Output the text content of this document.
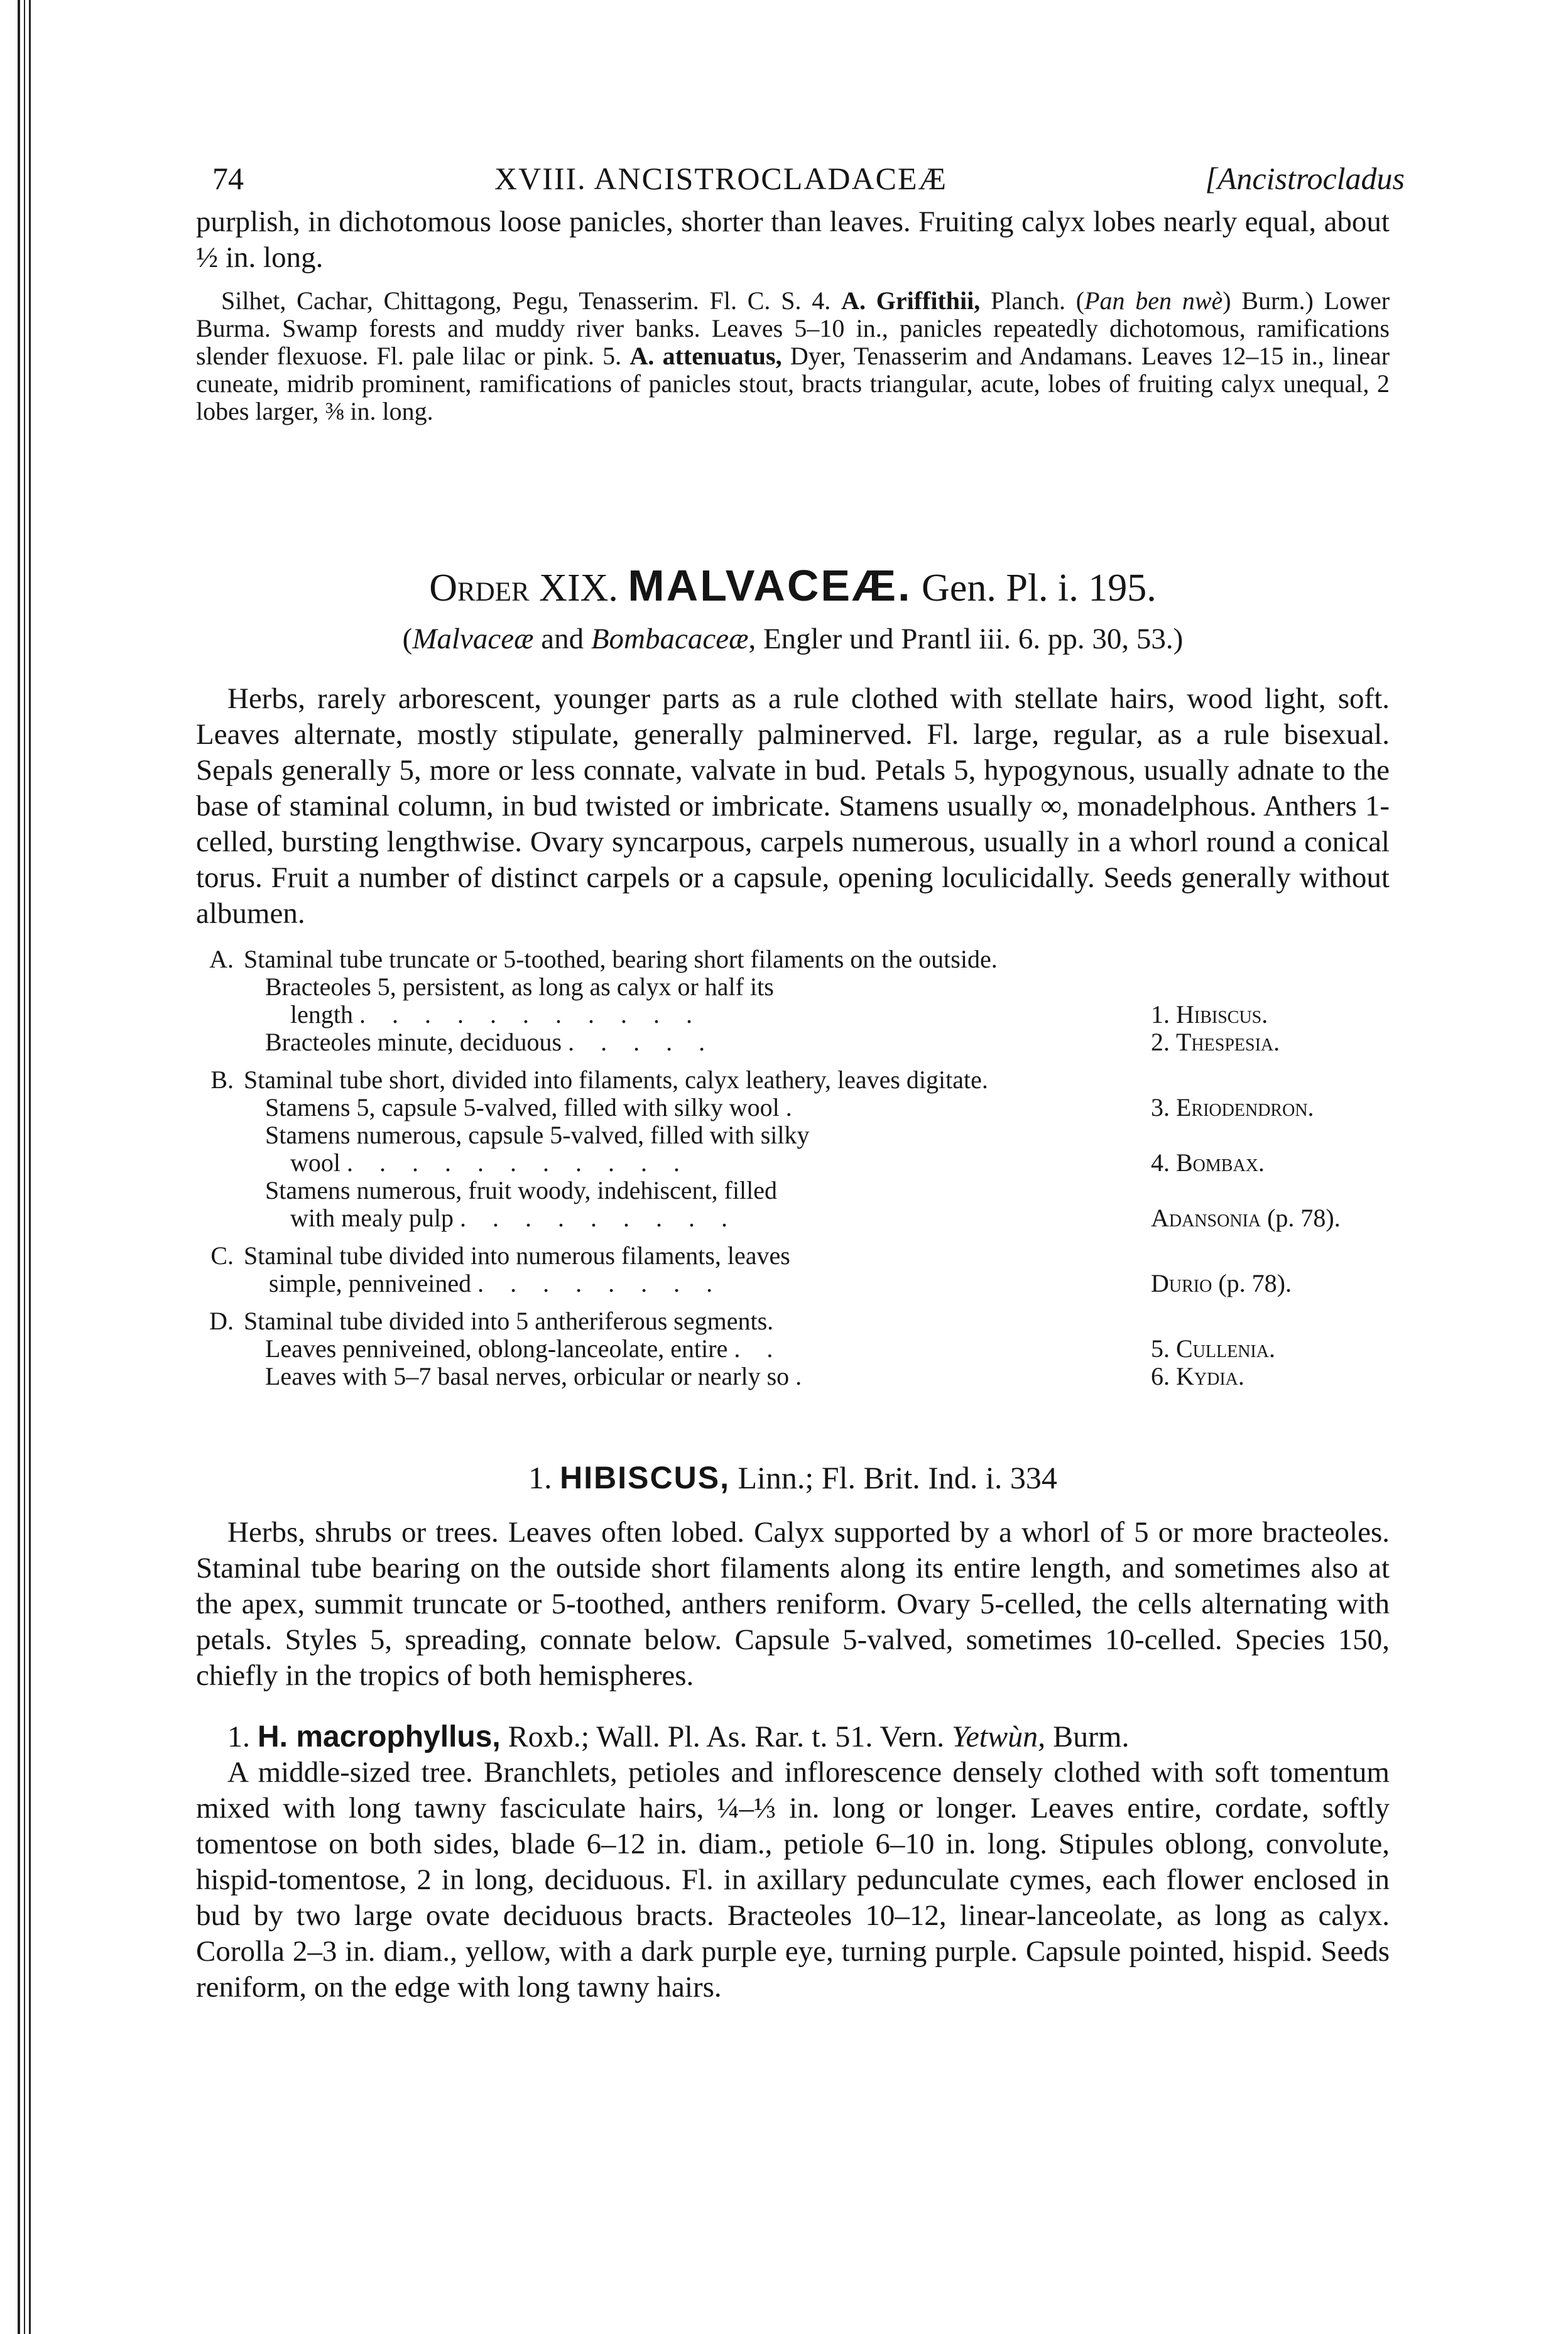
74	XVIII. ANCISTROCLADACEÆ	[Ancistrocladus

purplish, in dichotomous loose panicles, shorter than leaves. Fruiting calyx lobes nearly equal, about ½ in. long.

Silhet, Cachar, Chittagong, Pegu, Tenasserim. Fl. C. S. 4. A. Griffithii, Planch. (Pan ben nwè) Burm.) Lower Burma. Swamp forests and muddy river banks. Leaves 5–10 in., panicles repeatedly dichotomous, ramifications slender flexuose. Fl. pale lilac or pink. 5. A. attenuatus, Dyer, Tenasserim and Andamans. Leaves 12–15 in., linear cuneate, midrib prominent, ramifications of panicles stout, bracts triangular, acute, lobes of fruiting calyx unequal, 2 lobes larger, ⅜ in. long.

Order XIX. MALVACEÆ. Gen. Pl. i. 195.
(Malvaceæ and Bombacaceæ, Engler und Prantl iii. 6. pp. 30, 53.)

Herbs, rarely arborescent, younger parts as a rule clothed with stellate hairs, wood light, soft. Leaves alternate, mostly stipulate, generally palminerved. Fl. large, regular, as a rule bisexual. Sepals generally 5, more or less connate, valvate in bud. Petals 5, hypogynous, usually adnate to the base of staminal column, in bud twisted or imbricate. Stamens usually ∞, monadelphous. Anthers 1-celled, bursting lengthwise. Ovary syncarpous, carpels numerous, usually in a whorl round a conical torus. Fruit a number of distinct carpels or a capsule, opening loculicidally. Seeds generally without albumen.

A.	Staminal tube truncate or 5-toothed, bearing short filaments on the outside.	

	Bracteoles 5, persistent, as long as calyx or half its
length . . . . . . . . . . .	1. Hibiscus.
	Bracteoles minute, deciduous . . . . .	2. Thespesia.

B.	Staminal tube short, divided into filaments, calyx leathery, leaves digitate.	
	Stamens 5, capsule 5-valved, filled with silky wool .	3. Eriodendron.

	Stamens numerous, capsule 5-valved, filled with silky
wool . . . . . . . . . . .	4. Bombax.

	Stamens numerous, fruit woody, indehiscent, filled
with mealy pulp . . . . . . . . .	Adansonia (p. 78).

C.	Staminal tube divided into numerous filaments, leaves
simple, penniveined . . . . . . . .	Durio (p. 78).

D.	Staminal tube divided into 5 antheriferous segments.	
	Leaves penniveined, oblong-lanceolate, entire . .	5. Cullenia.
	Leaves with 5–7 basal nerves, orbicular or nearly so .	6. Kydia.
1. HIBISCUS, Linn.; Fl. Brit. Ind. i. 334

Herbs, shrubs or trees. Leaves often lobed. Calyx supported by a whorl of 5 or more bracteoles. Staminal tube bearing on the outside short filaments along its entire length, and sometimes also at the apex, summit truncate or 5-toothed, anthers reniform. Ovary 5-celled, the cells alternating with petals. Styles 5, spreading, connate below. Capsule 5-valved, sometimes 10-celled. Species 150, chiefly in the tropics of both hemispheres.

1. H. macrophyllus, Roxb.; Wall. Pl. As. Rar. t. 51. Vern. Yetwùn, Burm.

A middle-sized tree. Branchlets, petioles and inflorescence densely clothed with soft tomentum mixed with long tawny fasciculate hairs, ¼–⅓ in. long or longer. Leaves entire, cordate, softly tomentose on both sides, blade 6–12 in. diam., petiole 6–10 in. long. Stipules oblong, convolute, hispid-tomentose, 2 in long, deciduous. Fl. in axillary pedunculate cymes, each flower enclosed in bud by two large ovate deciduous bracts. Bracteoles 10–12, linear-lanceolate, as long as calyx. Corolla 2–3 in. diam., yellow, with a dark purple eye, turning purple. Capsule pointed, hispid. Seeds reniform, on the edge with long tawny hairs.
